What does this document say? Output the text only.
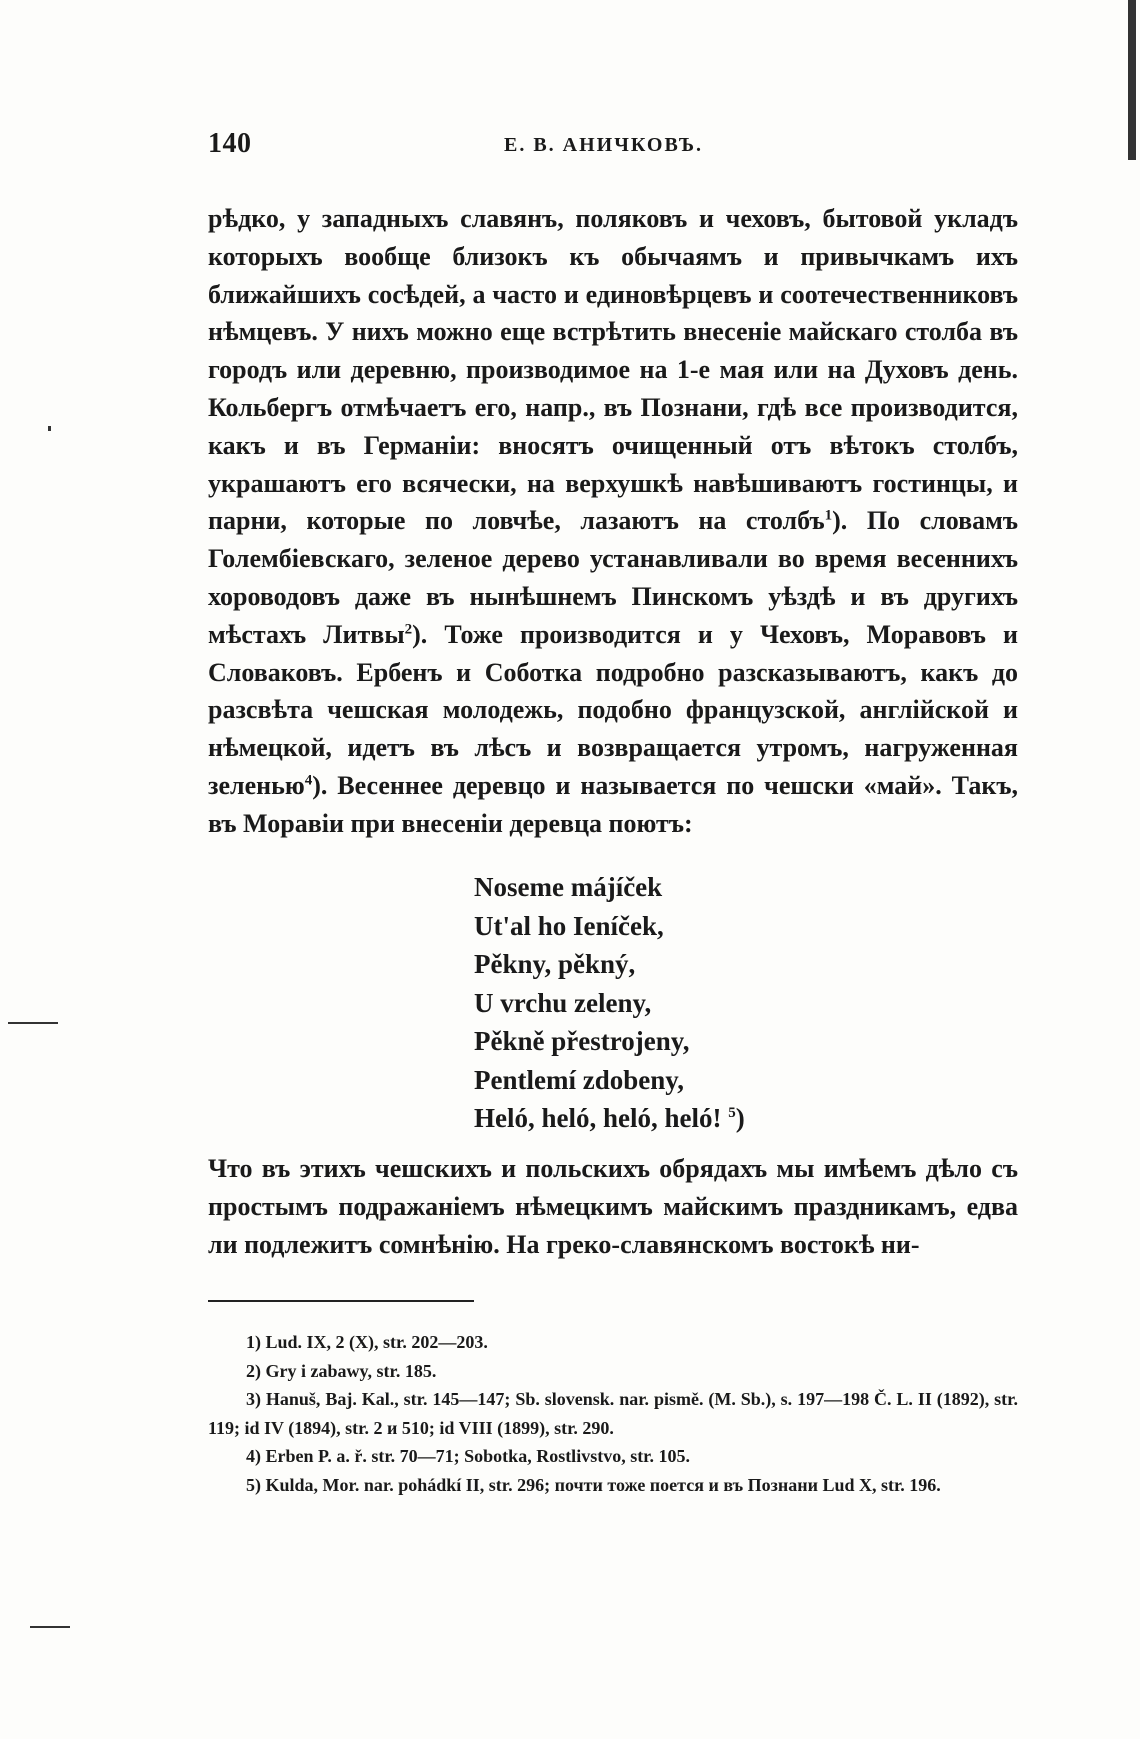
140	Е. В. АНИЧКОВЪ.

рѣдко, у западныхъ славянъ, поляковъ и чеховъ, бытовой укладъ которыхъ вообще близокъ къ обычаямъ и привычкамъ ихъ ближайшихъ сосѣдей, а часто и единовѣрцевъ и соотечественниковъ нѣмцевъ. У нихъ можно еще встрѣтить внесеніе майскаго столба въ городъ или деревню, производимое на 1-е мая или на Духовъ день. Кольбергъ отмѣчаетъ его, напр., въ Познани, гдѣ все производится, какъ и въ Германіи: вносятъ очищенный отъ вѣтокъ столбъ, украшаютъ его всячески, на верхушкѣ навѣшиваютъ гостинцы, и парни, которые по ловчѣе, лазаютъ на столбъ$^1$). По словамъ Голембіевскаго, зеленое дерево устанавливали во время весеннихъ хороводовъ даже въ нынѣшнемъ Пинскомъ уѣздѣ и въ другихъ мѣстахъ Литвы$^2$). Тоже производится и у Чеховъ, Моравовъ и Словаковъ. Ербенъ и Соботка подробно разсказываютъ, какъ до разсвѣта чешская молодежь, подобно французской, англійской и нѣмецкой, идетъ въ лѣсъ и возвращается утромъ, нагруженная зеленью$^4$). Весеннее деревцо и называется по чешски «май». Такъ, въ Моравіи при внесеніи деревца поютъ:

Noseme májíček
Ut'al ho Ieníček,
Pěkny, pěkný,
U vrchu zeleny,
Pěkně přestrojeny,
Pentlemí zdobeny,
Heló, heló, heló, heló! $^5$)
Что въ этихъ чешскихъ и польскихъ обрядахъ мы имѣемъ дѣло съ простымъ подражаніемъ нѣмецкимъ майскимъ праздникамъ, едва ли подлежитъ сомнѣнію. На греко-славянскомъ востокѣ ни-
1) Lud. IX, 2 (X), str. 202—203.
2) Gry i zabawy, str. 185.
3) Hanuš, Baj. Kal., str. 145—147; Sb. slovensk. nar. pismě. (M. Sb.), s. 197—198 Č. L. II (1892), str. 119; id IV (1894), str. 2 и 510; id VIII (1899), str. 290.
4) Erben P. a. ř. str. 70—71; Sobotka, Rostlivstvo, str. 105.
5) Kulda, Mor. nar. pohádkí II, str. 296; почти тоже поется и въ Познани Lud X, str. 196.
